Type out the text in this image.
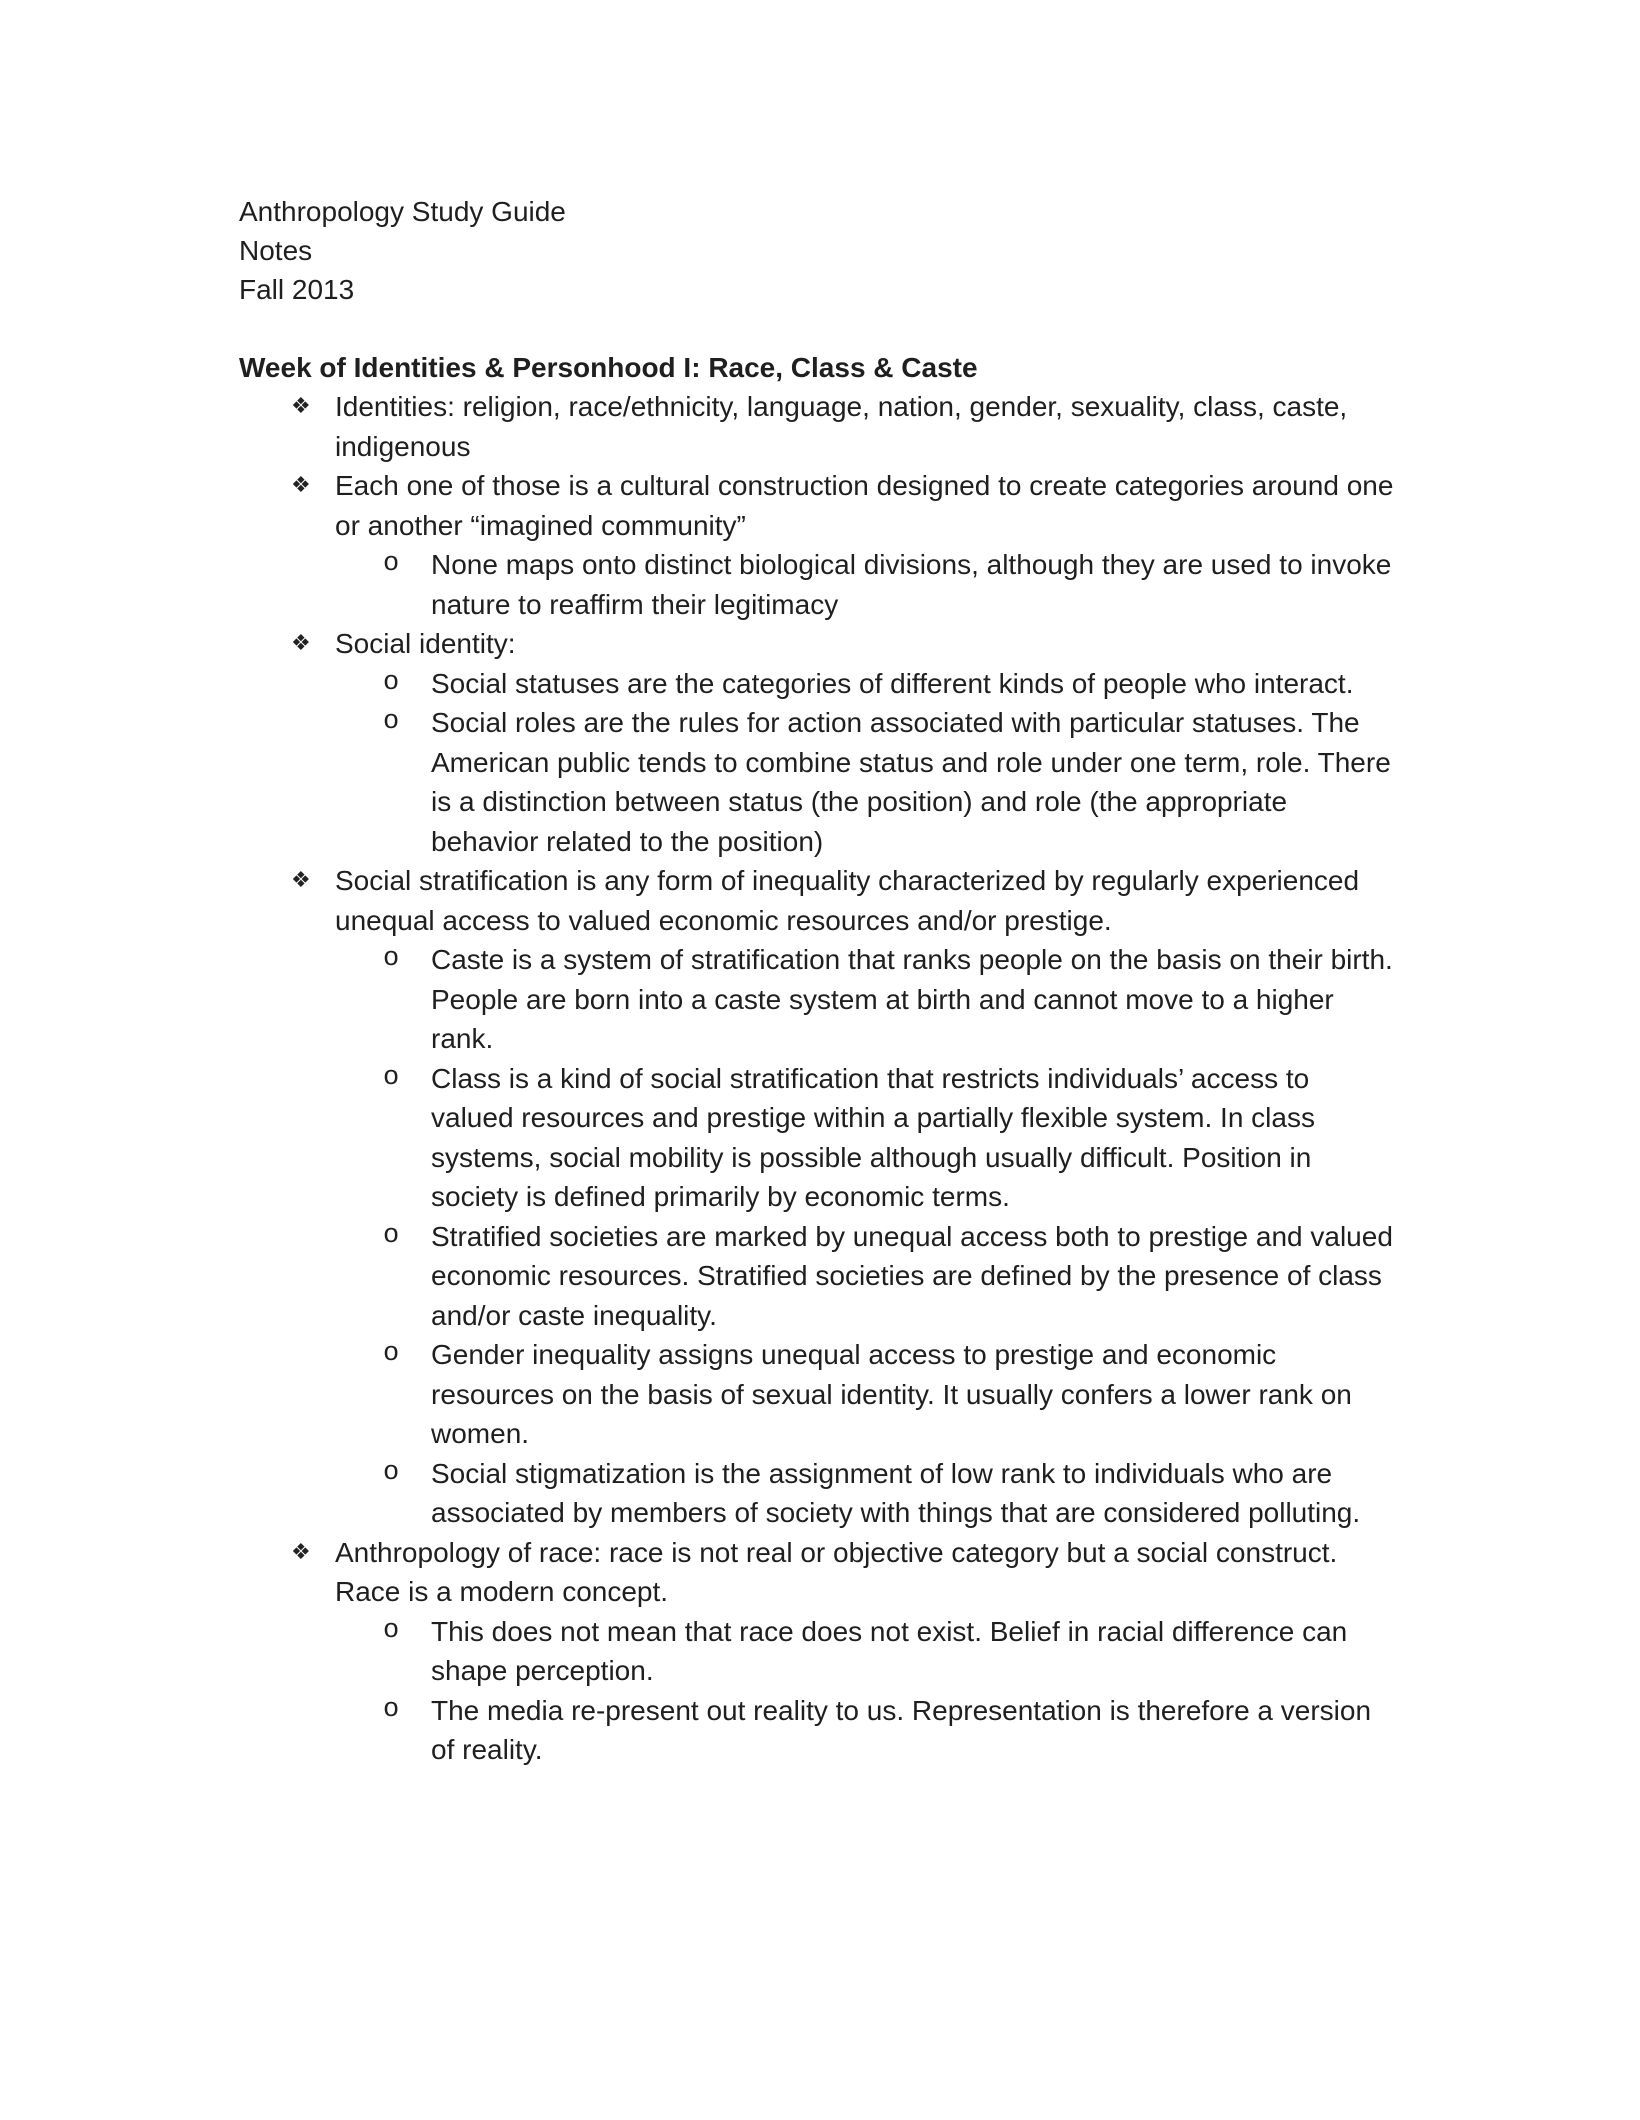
Anthropology Study Guide

Notes

Fall 2013

Week of Identities & Personhood I: Race, Class & Caste

❖ Identities: religion, race/ethnicity, language, nation, gender, sexuality, class, caste, indigenous
❖ Each one of those is a cultural construction designed to create categories around one or another “imagined community”
o None maps onto distinct biological divisions, although they are used to invoke nature to reaffirm their legitimacy
❖ Social identity:
o Social statuses are the categories of different kinds of people who interact.
o Social roles are the rules for action associated with particular statuses. The American public tends to combine status and role under one term, role. There is a distinction between status (the position) and role (the appropriate behavior related to the position)
❖ Social stratification is any form of inequality characterized by regularly experienced unequal access to valued economic resources and/or prestige.
o Caste is a system of stratification that ranks people on the basis on their birth. People are born into a caste system at birth and cannot move to a higher rank.
o Class is a kind of social stratification that restricts individuals’ access to valued resources and prestige within a partially flexible system. In class systems, social mobility is possible although usually difficult. Position in society is defined primarily by economic terms.
o Stratified societies are marked by unequal access both to prestige and valued economic resources. Stratified societies are defined by the presence of class and/or caste inequality.
o Gender inequality assigns unequal access to prestige and economic resources on the basis of sexual identity. It usually confers a lower rank on women.
o Social stigmatization is the assignment of low rank to individuals who are associated by members of society with things that are considered polluting.
❖ Anthropology of race: race is not real or objective category but a social construct. Race is a modern concept.
o This does not mean that race does not exist. Belief in racial difference can shape perception.
o The media re-present out reality to us. Representation is therefore a version of reality.
